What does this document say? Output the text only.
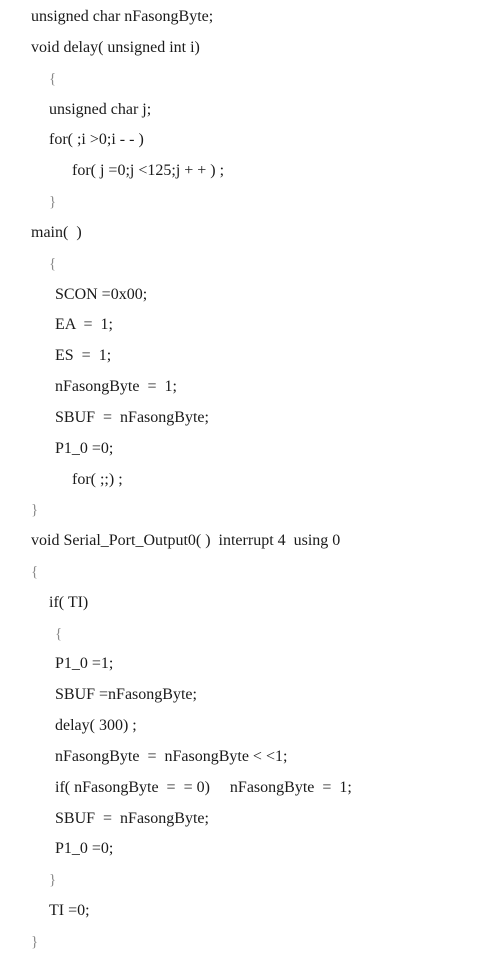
unsigned char nFasongByte;
void delay( unsigned int i)
{
unsigned char j;
for( ;i >0;i - - )
for( j =0;j <125;j + + ) ;
}
main(  )
{
SCON =0x00;
EA  =  1;
ES  =  1;
nFasongByte  =  1;
SBUF  =  nFasongByte;
P1_0 =0;
for( ;;) ;
}
void Serial_Port_Output0( )  interrupt 4  using 0
{
if( TI)
{
P1_0 =1;
SBUF =nFasongByte;
delay( 300) ;
nFasongByte  =  nFasongByte < <1;
if( nFasongByte  =  = 0)     nFasongByte  =  1;
SBUF  =  nFasongByte;
P1_0 =0;
}
TI =0;
}
